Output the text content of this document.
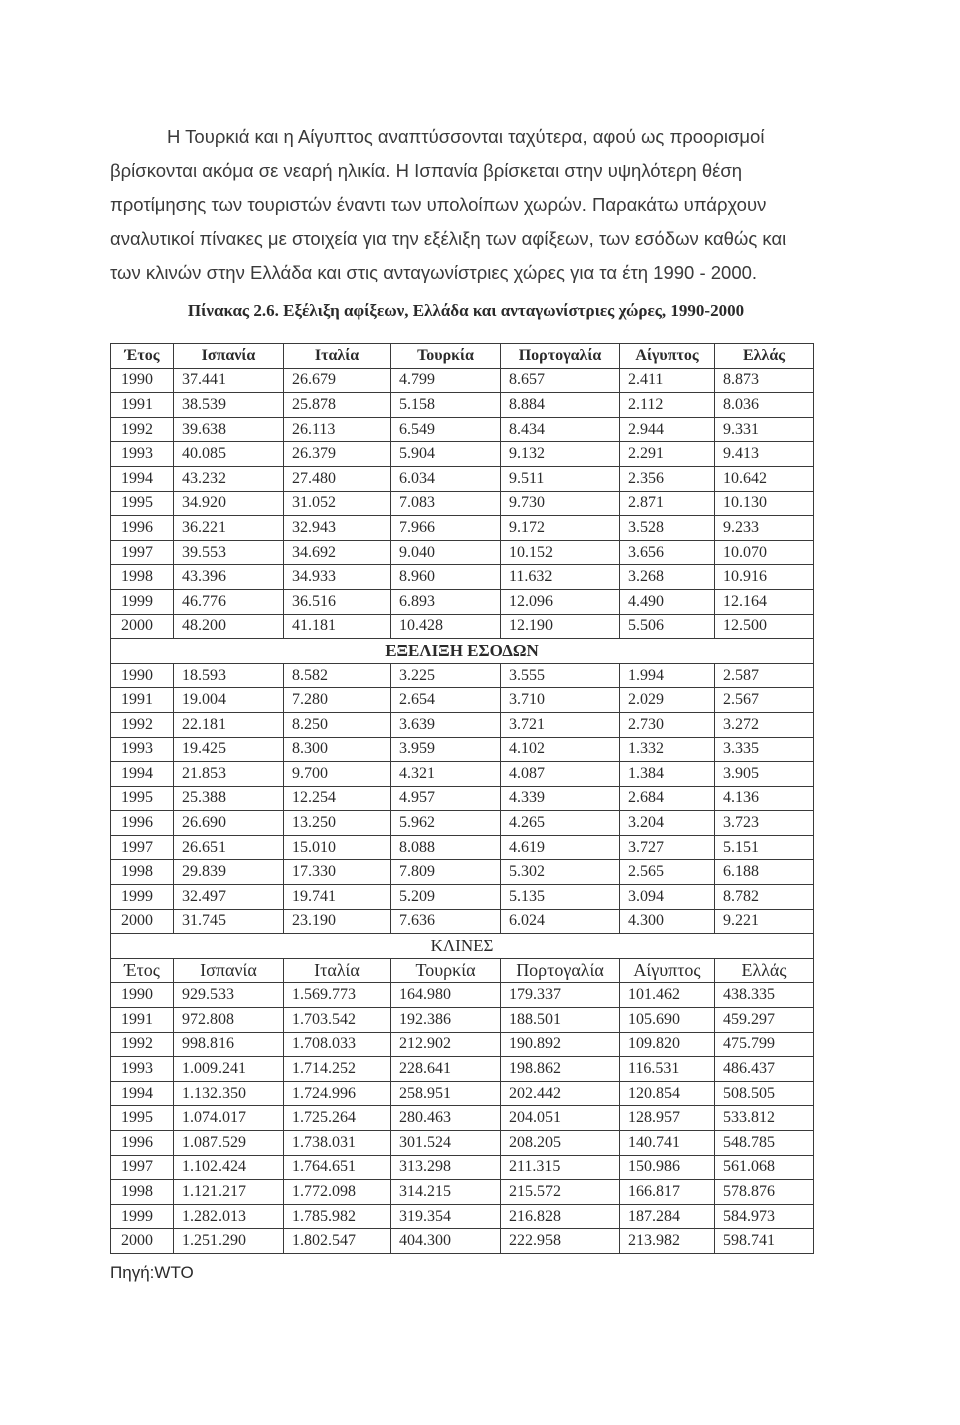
Η Τουρκιά και η Αίγυπτος αναπτύσσονται ταχύτερα, αφού ως προορισμοί
βρίσκονται ακόμα σε νεαρή ηλικία. Η Ισπανία βρίσκεται στην υψηλότερη θέση
προτίμησης των τουριστών έναντι των υπολοίπων χωρών. Παρακάτω υπάρχουν
αναλυτικοί πίνακες με στοιχεία για την εξέλιξη των αφίξεων, των εσόδων καθώς και
των κλινών στην Ελλάδα και στις ανταγωνίστριες χώρες για τα έτη 1990 - 2000.
Πίνακας 2.6. Εξέλιξη αφίξεων, Ελλάδα και ανταγωνίστριες χώρες, 1990-2000
Έτος	Ισπανία	Ιταλία	Τουρκία	Πορτογαλία	Αίγυπτος	Ελλάς
1990	37.441	26.679	4.799	8.657	2.411	8.873
1991	38.539	25.878	5.158	8.884	2.112	8.036
1992	39.638	26.113	6.549	8.434	2.944	9.331
1993	40.085	26.379	5.904	9.132	2.291	9.413
1994	43.232	27.480	6.034	9.511	2.356	10.642
1995	34.920	31.052	7.083	9.730	2.871	10.130
1996	36.221	32.943	7.966	9.172	3.528	9.233
1997	39.553	34.692	9.040	10.152	3.656	10.070
1998	43.396	34.933	8.960	11.632	3.268	10.916
1999	46.776	36.516	6.893	12.096	4.490	12.164
2000	48.200	41.181	10.428	12.190	5.506	12.500
ΕΞΕΛΙΞΗ ΕΣΟΔΩΝ						
1990	18.593	8.582	3.225	3.555	1.994	2.587
1991	19.004	7.280	2.654	3.710	2.029	2.567
1992	22.181	8.250	3.639	3.721	2.730	3.272
1993	19.425	8.300	3.959	4.102	1.332	3.335
1994	21.853	9.700	4.321	4.087	1.384	3.905
1995	25.388	12.254	4.957	4.339	2.684	4.136
1996	26.690	13.250	5.962	4.265	3.204	3.723
1997	26.651	15.010	8.088	4.619	3.727	5.151
1998	29.839	17.330	7.809	5.302	2.565	6.188
1999	32.497	19.741	5.209	5.135	3.094	8.782
2000	31.745	23.190	7.636	6.024	4.300	9.221
ΚΛΙΝΕΣ						
Έτος	Ισπανία	Ιταλία	Τουρκία	Πορτογαλία	Αίγυπτος	Ελλάς
1990	929.533	1.569.773	164.980	179.337	101.462	438.335
1991	972.808	1.703.542	192.386	188.501	105.690	459.297
1992	998.816	1.708.033	212.902	190.892	109.820	475.799
1993	1.009.241	1.714.252	228.641	198.862	116.531	486.437
1994	1.132.350	1.724.996	258.951	202.442	120.854	508.505
1995	1.074.017	1.725.264	280.463	204.051	128.957	533.812
1996	1.087.529	1.738.031	301.524	208.205	140.741	548.785
1997	1.102.424	1.764.651	313.298	211.315	150.986	561.068
1998	1.121.217	1.772.098	314.215	215.572	166.817	578.876
1999	1.282.013	1.785.982	319.354	216.828	187.284	584.973
2000	1.251.290	1.802.547	404.300	222.958	213.982	598.741
Πηγή:WTO
